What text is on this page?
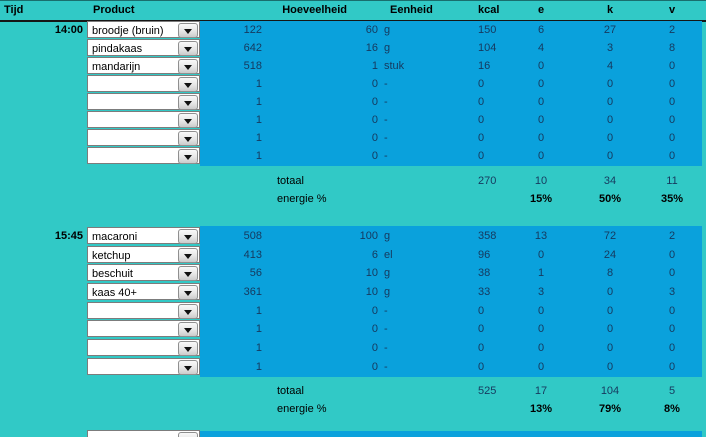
Tijd	Product	Hoeveelheid	Eenheid	kcal	e	k	v
14:00 broodje (bruin)	122	60 g	150	6	27	2
pindakaas	642	16 g	104	4	3	8
mandarijn	518	1 stuk	16	0	4	0
1	0 -	0	0	0	0
1	0 -	0	0	0	0
1	0 -	0	0	0	0
1	0 -	0	0	0	0
1	0 -	0	0	0	0
totaal	270	10	34	11
energie %	15%	50%	35%
15:45 macaroni	508	100 g	358	13	72	2
ketchup	413	6 el	96	0	24	0
beschuit	56	10 g	38	1	8	0
kaas 40+	361	10 g	33	3	0	3
1	0 -	0	0	0	0
1	0 -	0	0	0	0
1	0 -	0	0	0	0
1	0 -	0	0	0	0
totaal	525	17	104	5
energie %	13%	79%	8%
